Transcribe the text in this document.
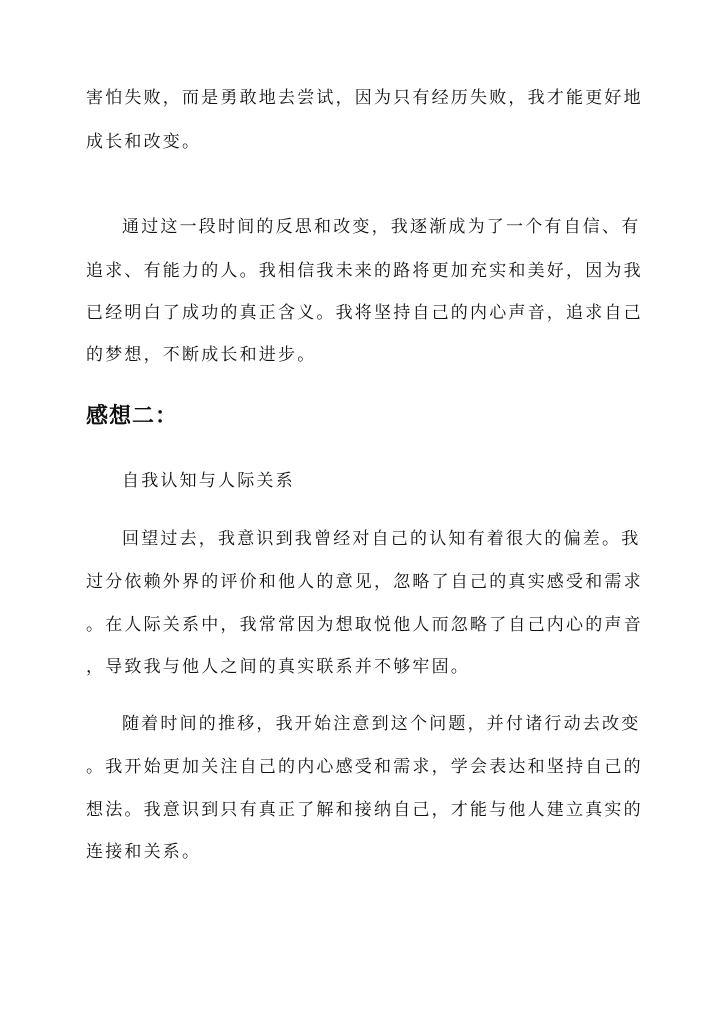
害怕失败，而是勇敢地去尝试，因为只有经历失败，我才能更好地
成长和改变。
通过这一段时间的反思和改变，我逐渐成为了一个有自信、有
追求、有能力的人。我相信我未来的路将更加充实和美好，因为我
已经明白了成功的真正含义。我将坚持自己的内心声音，追求自己
的梦想，不断成长和进步。
感想二：
自我认知与人际关系
回望过去，我意识到我曾经对自己的认知有着很大的偏差。我
过分依赖外界的评价和他人的意见，忽略了自己的真实感受和需求
。在人际关系中，我常常因为想取悦他人而忽略了自己内心的声音
，导致我与他人之间的真实联系并不够牢固。
随着时间的推移，我开始注意到这个问题，并付诸行动去改变
。我开始更加关注自己的内心感受和需求，学会表达和坚持自己的
想法。我意识到只有真正了解和接纳自己，才能与他人建立真实的
连接和关系。
